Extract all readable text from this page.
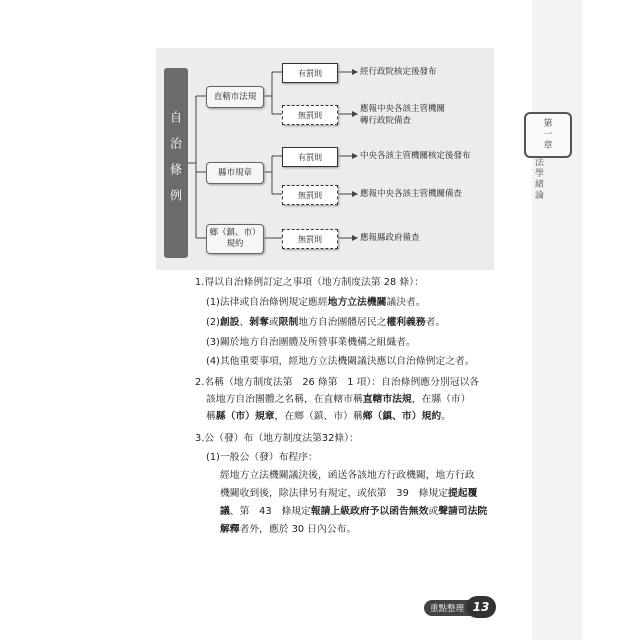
第
一
章
法學緒論
自治條例
直轄市法規
縣市規章
鄉（鎮、市）
規約
有罰則
無罰則
有罰則
無罰則
無罰則
經行政院核定後發布
應報中央各該主管機關
轉行政院備查
中央各該主管機關核定後發布
應報中央各該主管機關備查
應報縣政府備查
1.得以自治條例訂定之事項（地方制度法第 28 條）：
(1)法律或自治條例規定應經地方立法機關議決者。
(2)創設、剝奪或限制地方自治團體居民之權利義務者。
(3)關於地方自治團體及所營事業機構之組織者。
(4)其他重要事項，經地方立法機關議決應以自治條例定之者。
2.名稱（地方制度法第　26 條第　1 項）：自治條例應分別冠以各
該地方自治團體之名稱，在直轄市稱直轄市法規，在縣（市）
稱縣（市）規章，在鄉（鎮、市）稱鄉（鎮、市）規約。
3.公（發）布（地方制度法第32條）：
(1)一般公（發）布程序：
經地方立法機關議決後，函送各該地方行政機關，地方行政
機關收到後，除法律另有規定，或依第　39　條規定提起覆
議、第　43　條規定報請上級政府予以函告無效或聲請司法院
解釋者外，應於 30 日內公布。
重點整理 13
